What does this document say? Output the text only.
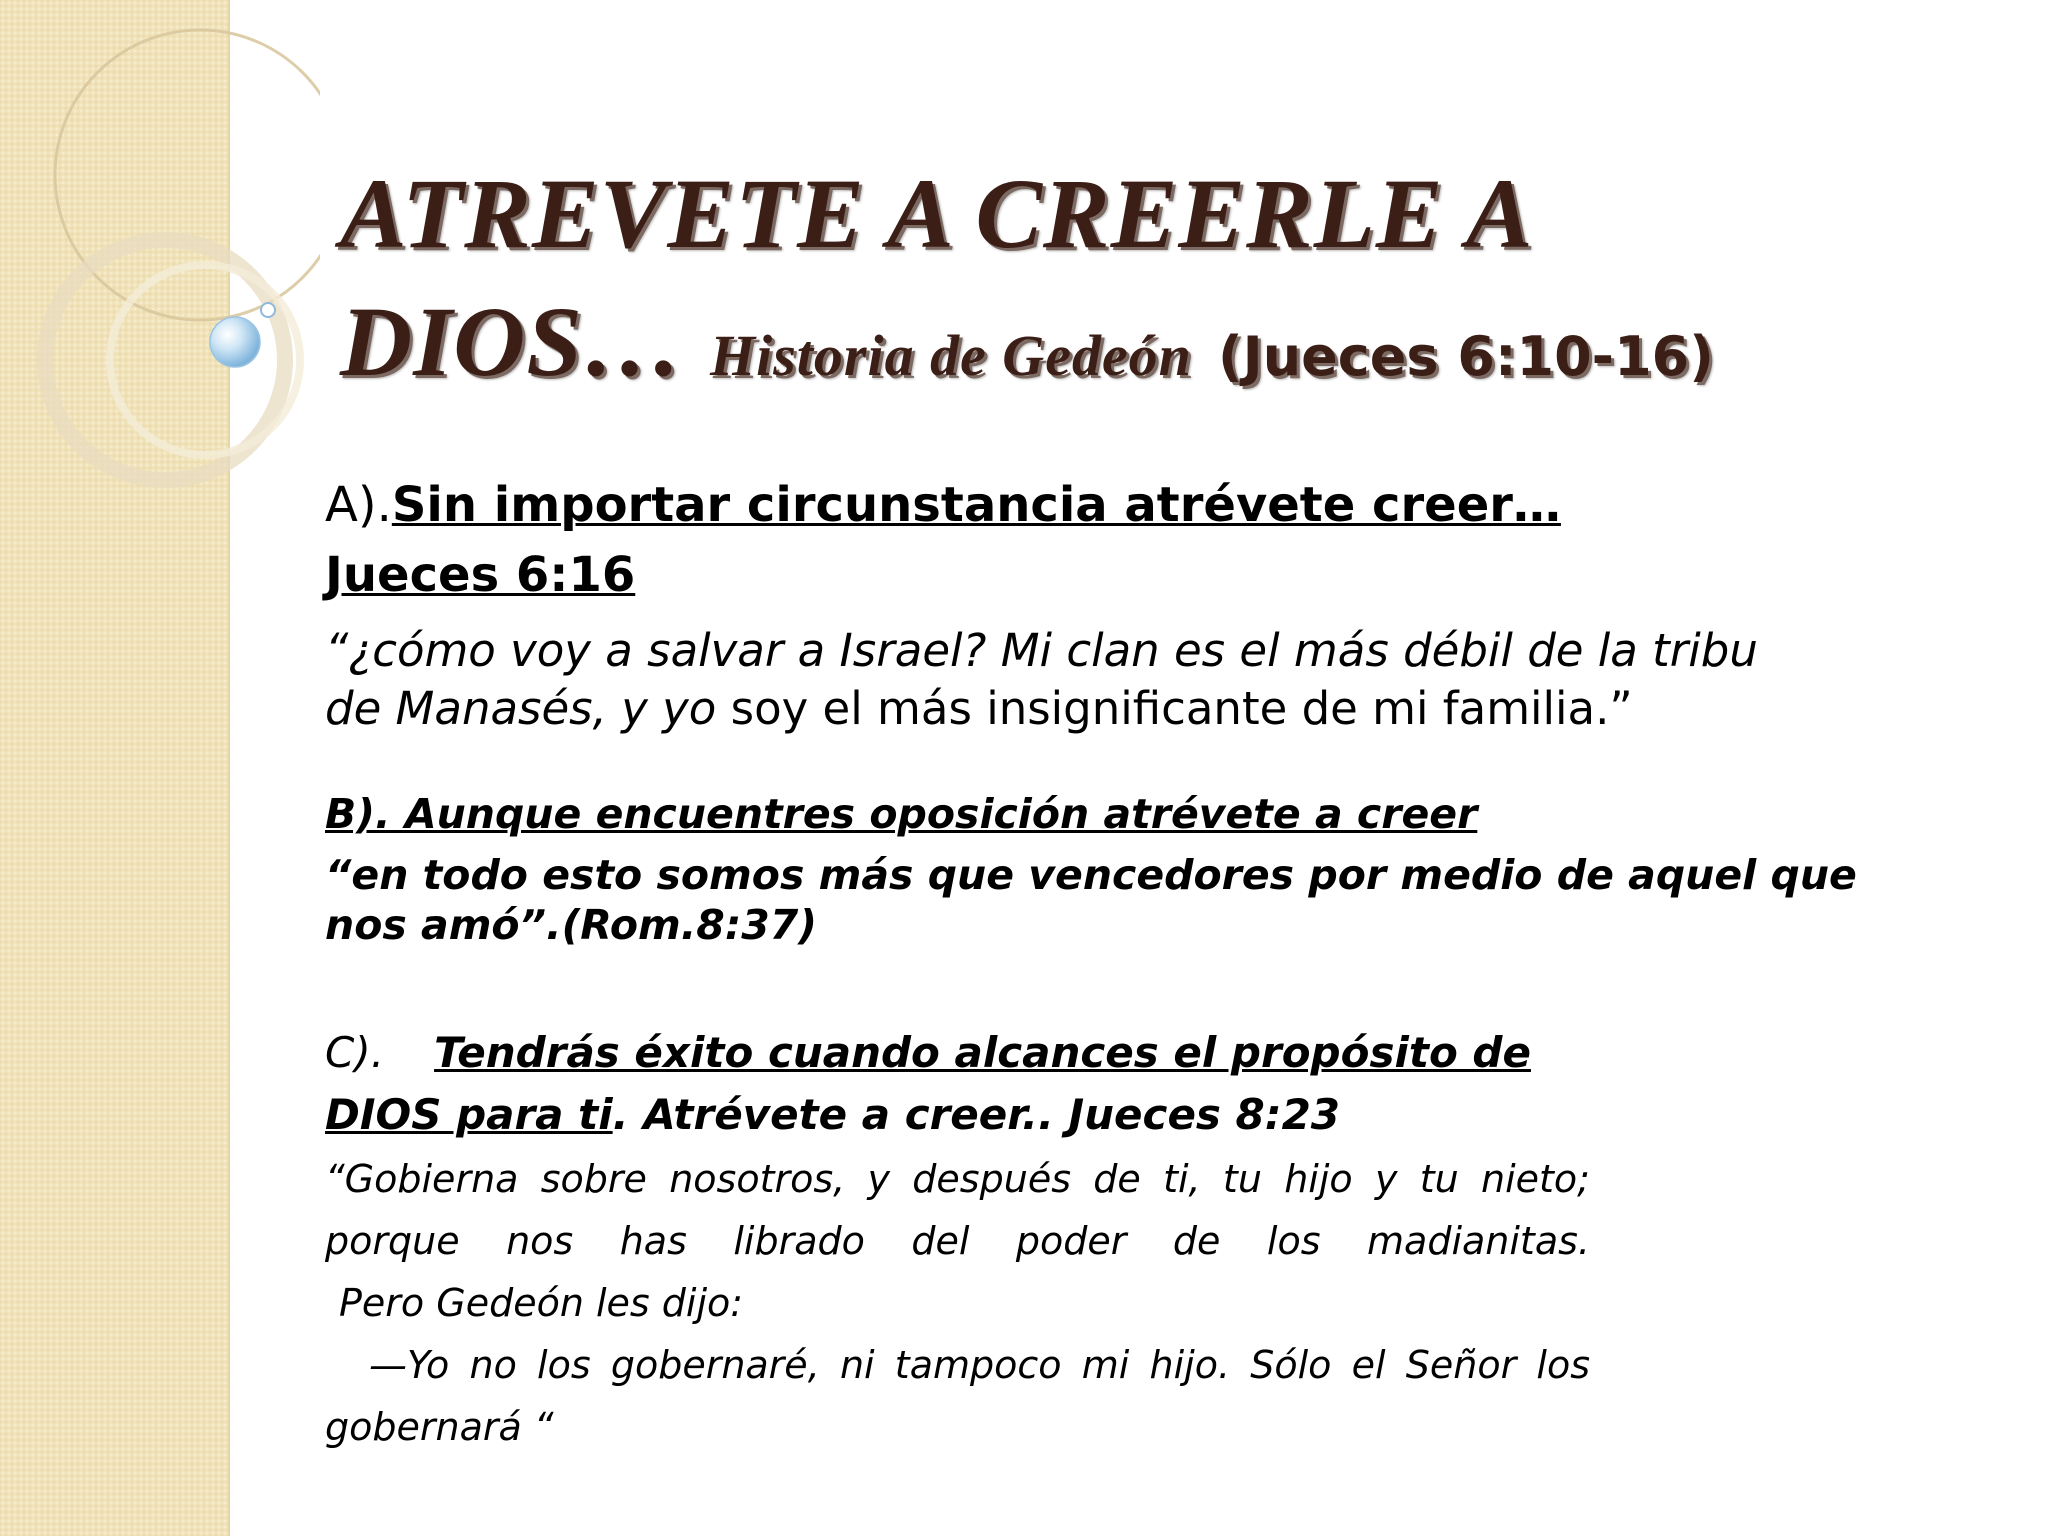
ATREVETE A CREERLE A
DIOS… Historia de Gedeón (Jueces 6:10-16)

A).Sin importar circunstancia atrévete creer…
Jueces 6:16

“¿cómo voy a salvar a Israel? Mi clan es el más débil de la tribu
de Manasés, y yo soy el más insignificante de mi familia.”

B). Aunque encuentres oposición atrévete a creer

“en todo esto somos más que vencedores por medio de aquel que nos amó”.(Rom.8:37)

C). Tendrás éxito cuando alcances el propósito de DIOS para ti. Atrévete a creer.. Jueces 8:23

“Gobierna sobre nosotros, y después de ti, tu hijo y tu nieto;
porque nos has librado del poder de los madianitas.
Pero Gedeón les dijo:
—Yo no los gobernaré, ni tampoco mi hijo. Sólo el Señor los
gobernará “
